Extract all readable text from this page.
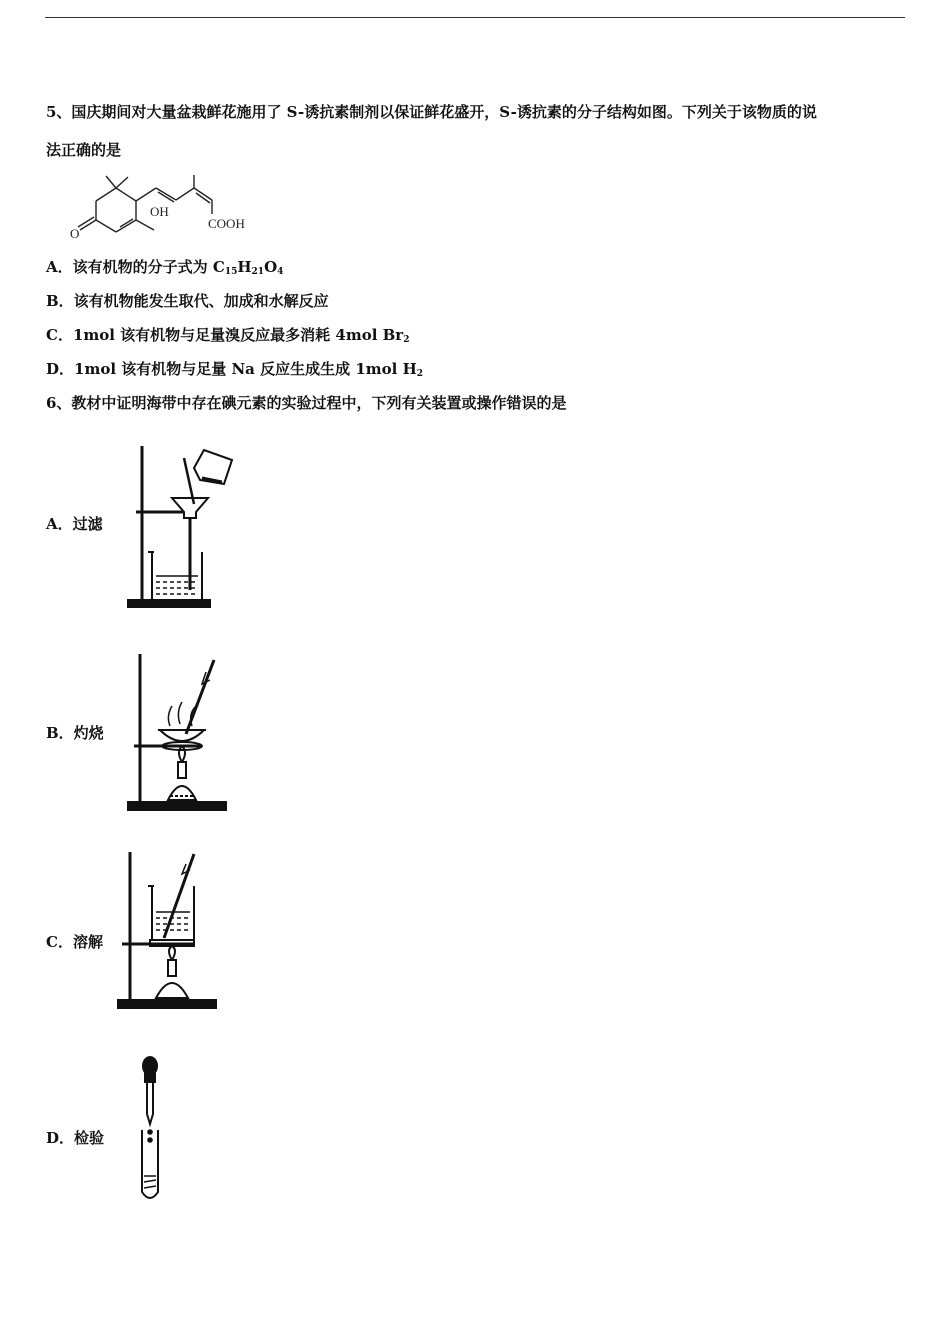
5、国庆期间对大量盆栽鲜花施用了 S-诱抗素制剂以保证鲜花盛开，S-诱抗素的分子结构如图。下列关于该物质的说
法正确的是
OH
O
COOH
A．该有机物的分子式为 $C_{15}H_{21}O_4$
B．该有机物能发生取代、加成和水解反应
C．1mol 该有机物与足量溴反应最多消耗 4mol $Br_2$
D．1mol 该有机物与足量 Na 反应生成生成 1mol $H_2$
6、教材中证明海带中存在碘元素的实验过程中，下列有关装置或操作错误的是
A．过滤
B．灼烧
C．溶解
D．检验
